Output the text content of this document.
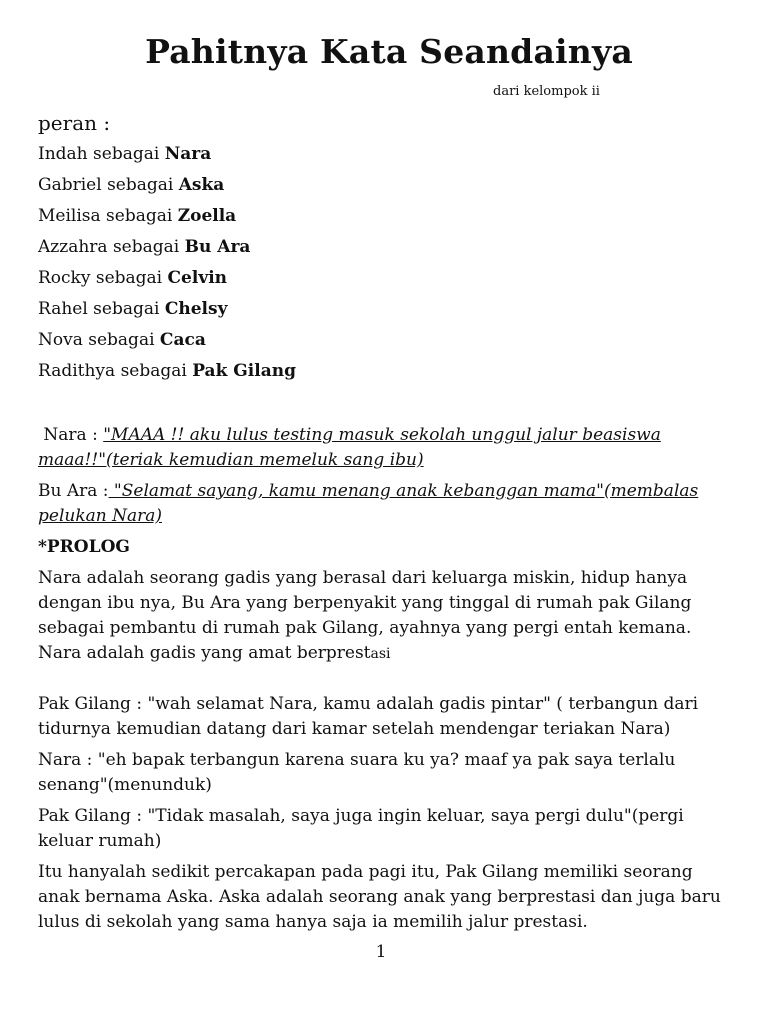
Pahitnya Kata Seandainya
dari kelompok ii
peran :
Indah sebagai Nara
Gabriel sebagai Aska
Meilisa sebagai Zoella
Azzahra sebagai Bu Ara
Rocky sebagai Celvin
Rahel sebagai Chelsy
Nova sebagai Caca
Radithya sebagai Pak Gilang

Nara : "MAAA !! aku lulus testing masuk sekolah unggul jalur beasiswa maaa!!"(teriak kemudian memeluk sang ibu)

Bu Ara : "Selamat sayang, kamu menang anak kebanggan mama"(membalas pelukan Nara)

*PROLOG

Nara adalah seorang gadis yang berasal dari keluarga miskin, hidup hanya dengan ibu nya, Bu Ara yang berpenyakit yang tinggal di rumah pak Gilang sebagai pembantu di rumah pak Gilang, ayahnya yang pergi entah kemana. Nara adalah gadis yang amat berprestasi

Pak Gilang : "wah selamat Nara, kamu adalah gadis pintar" ( terbangun dari tidurnya kemudian datang dari kamar setelah mendengar teriakan Nara)

Nara : "eh bapak terbangun karena suara ku ya? maaf ya pak saya terlalu senang"(menunduk)

Pak Gilang : "Tidak masalah, saya juga ingin keluar, saya pergi dulu"(pergi keluar rumah)

Itu hanyalah sedikit percakapan pada pagi itu, Pak Gilang memiliki seorang anak bernama Aska. Aska adalah seorang anak yang berprestasi dan juga baru lulus di sekolah yang sama hanya saja ia memilih jalur prestasi.

1
